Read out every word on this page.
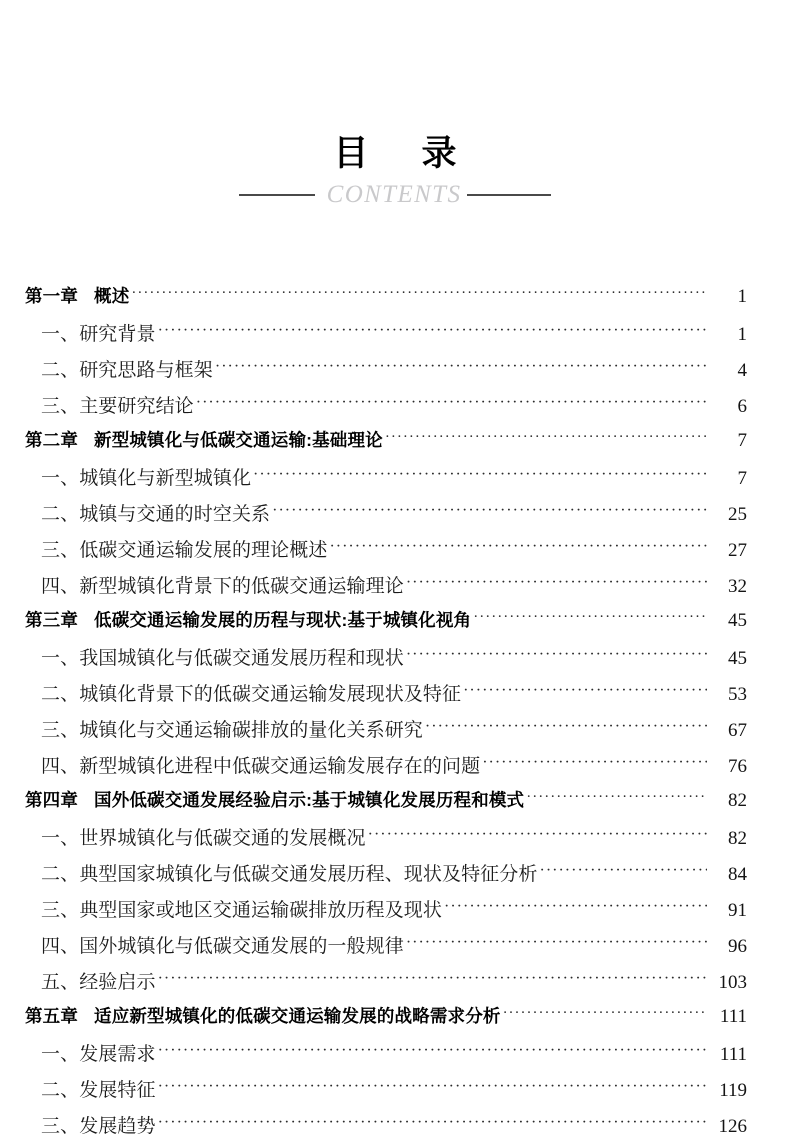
目 录
CONTENTS
第一章 概述 ·····	1
一、研究背景 ·····	1
二、研究思路与框架 ·····	4
三、主要研究结论 ·····	6
第二章 新型城镇化与低碳交通运输:基础理论 ·····	7
一、城镇化与新型城镇化 ·····	7
二、城镇与交通的时空关系 ·····	25
三、低碳交通运输发展的理论概述 ·····	27
四、新型城镇化背景下的低碳交通运输理论 ·····	32
第三章 低碳交通运输发展的历程与现状:基于城镇化视角 ·····	45
一、我国城镇化与低碳交通发展历程和现状 ·····	45
二、城镇化背景下的低碳交通运输发展现状及特征 ·····	53
三、城镇化与交通运输碳排放的量化关系研究 ·····	67
四、新型城镇化进程中低碳交通运输发展存在的问题 ·····	76
第四章 国外低碳交通发展经验启示:基于城镇化发展历程和模式 ·····	82
一、世界城镇化与低碳交通的发展概况 ·····	82
二、典型国家城镇化与低碳交通发展历程、现状及特征分析 ·····	84
三、典型国家或地区交通运输碳排放历程及现状 ·····	91
四、国外城镇化与低碳交通发展的一般规律 ·····	96
五、经验启示 ·····	103
第五章 适应新型城镇化的低碳交通运输发展的战略需求分析 ·····	111
一、发展需求 ·····	111
二、发展特征 ·····	119
三、发展趋势 ·····	126
